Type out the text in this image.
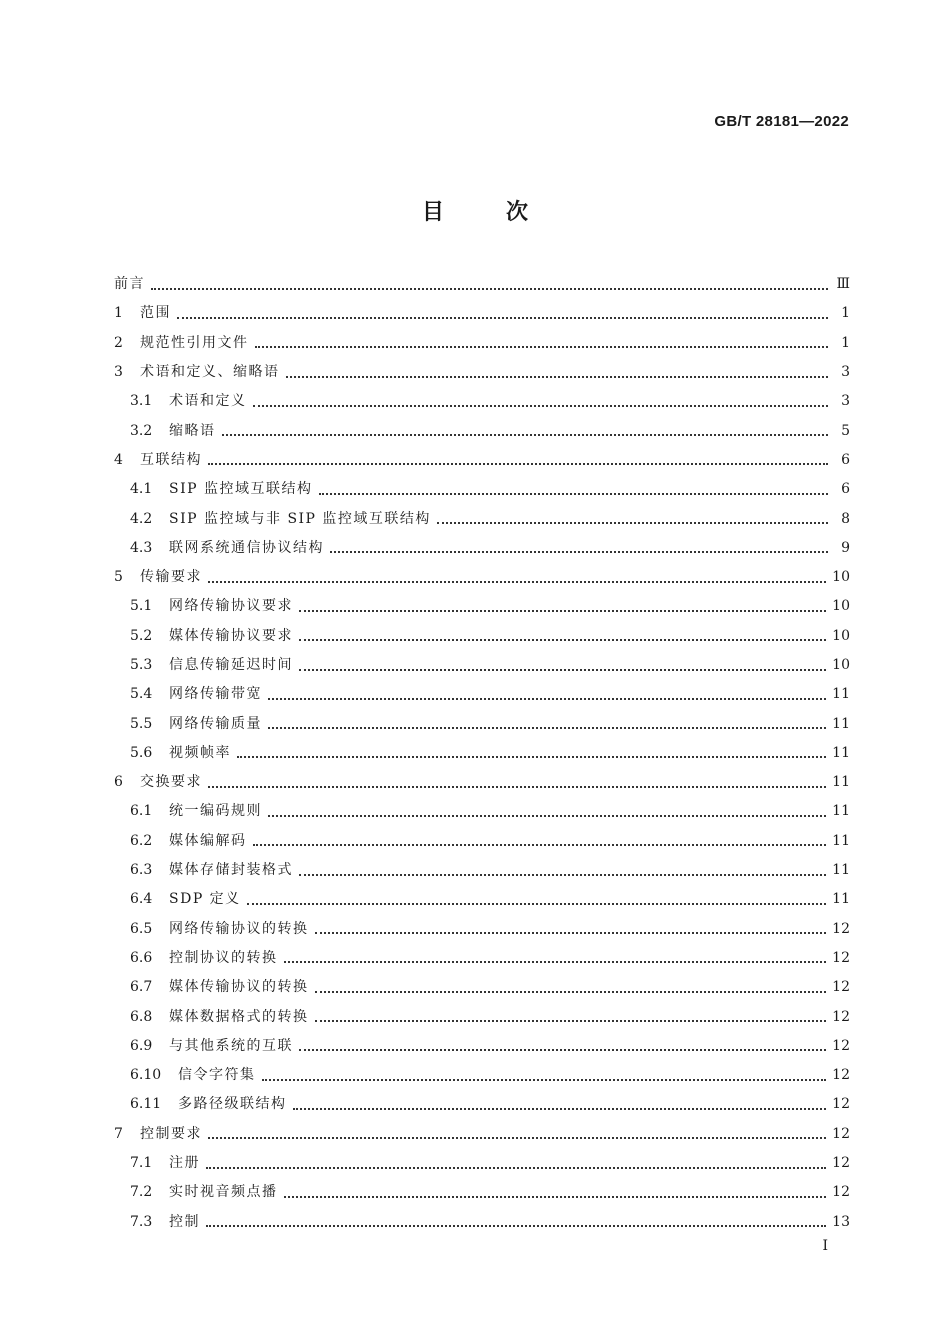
GB/T 28181—2022
目	次
前言	Ⅲ
1	范围	1
2	规范性引用文件	1
3	术语和定义、缩略语	3
3.1	术语和定义	3
3.2	缩略语	5
4	互联结构	6
4.1	SIP 监控域互联结构	6
4.2	SIP 监控域与非 SIP 监控域互联结构	8
4.3	联网系统通信协议结构	9
5	传输要求	10
5.1	网络传输协议要求	10
5.2	媒体传输协议要求	10
5.3	信息传输延迟时间	10
5.4	网络传输带宽	11
5.5	网络传输质量	11
5.6	视频帧率	11
6	交换要求	11
6.1	统一编码规则	11
6.2	媒体编解码	11
6.3	媒体存储封装格式	11
6.4	SDP 定义	11
6.5	网络传输协议的转换	12
6.6	控制协议的转换	12
6.7	媒体传输协议的转换	12
6.8	媒体数据格式的转换	12
6.9	与其他系统的互联	12
6.10	信令字符集	12
6.11	多路径级联结构	12
7	控制要求	12
7.1	注册	12
7.2	实时视音频点播	12
7.3	控制	13
Ⅰ
